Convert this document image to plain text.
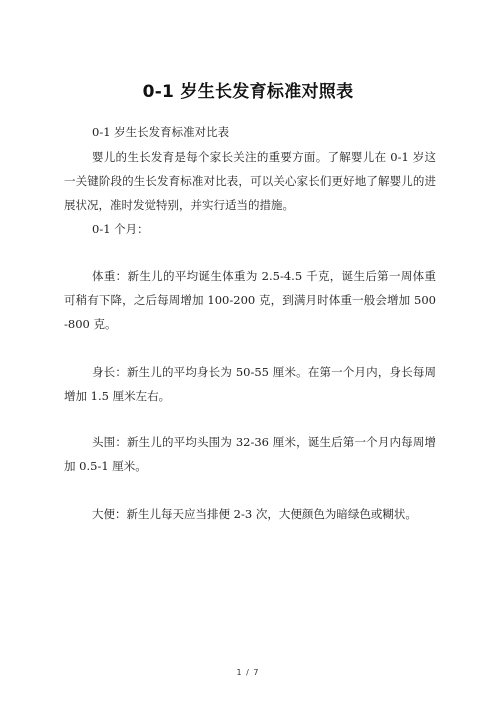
0-1 岁生长发育标准对照表

0-1 岁生长发育标准对比表

婴儿的生长发育是每个家长关注的重要方面。了解婴儿在 0-1 岁这一关键阶段的生长发育标准对比表，可以关心家长们更好地了解婴儿的进展状况，准时发觉特别，并实行适当的措施。

0-1 个月：

体重：新生儿的平均诞生体重为 2.5-4.5 千克，诞生后第一周体重可稍有下降，之后每周增加 100-200 克，到满月时体重一般会增加 500-800 克。

身长：新生儿的平均身长为 50-55 厘米。在第一个月内，身长每周增加 1.5 厘米左右。

头围：新生儿的平均头围为 32-36 厘米，诞生后第一个月内每周增加 0.5-1 厘米。

大便：新生儿每天应当排便 2-3 次，大便颜色为暗绿色或糊状。

1 / 7
